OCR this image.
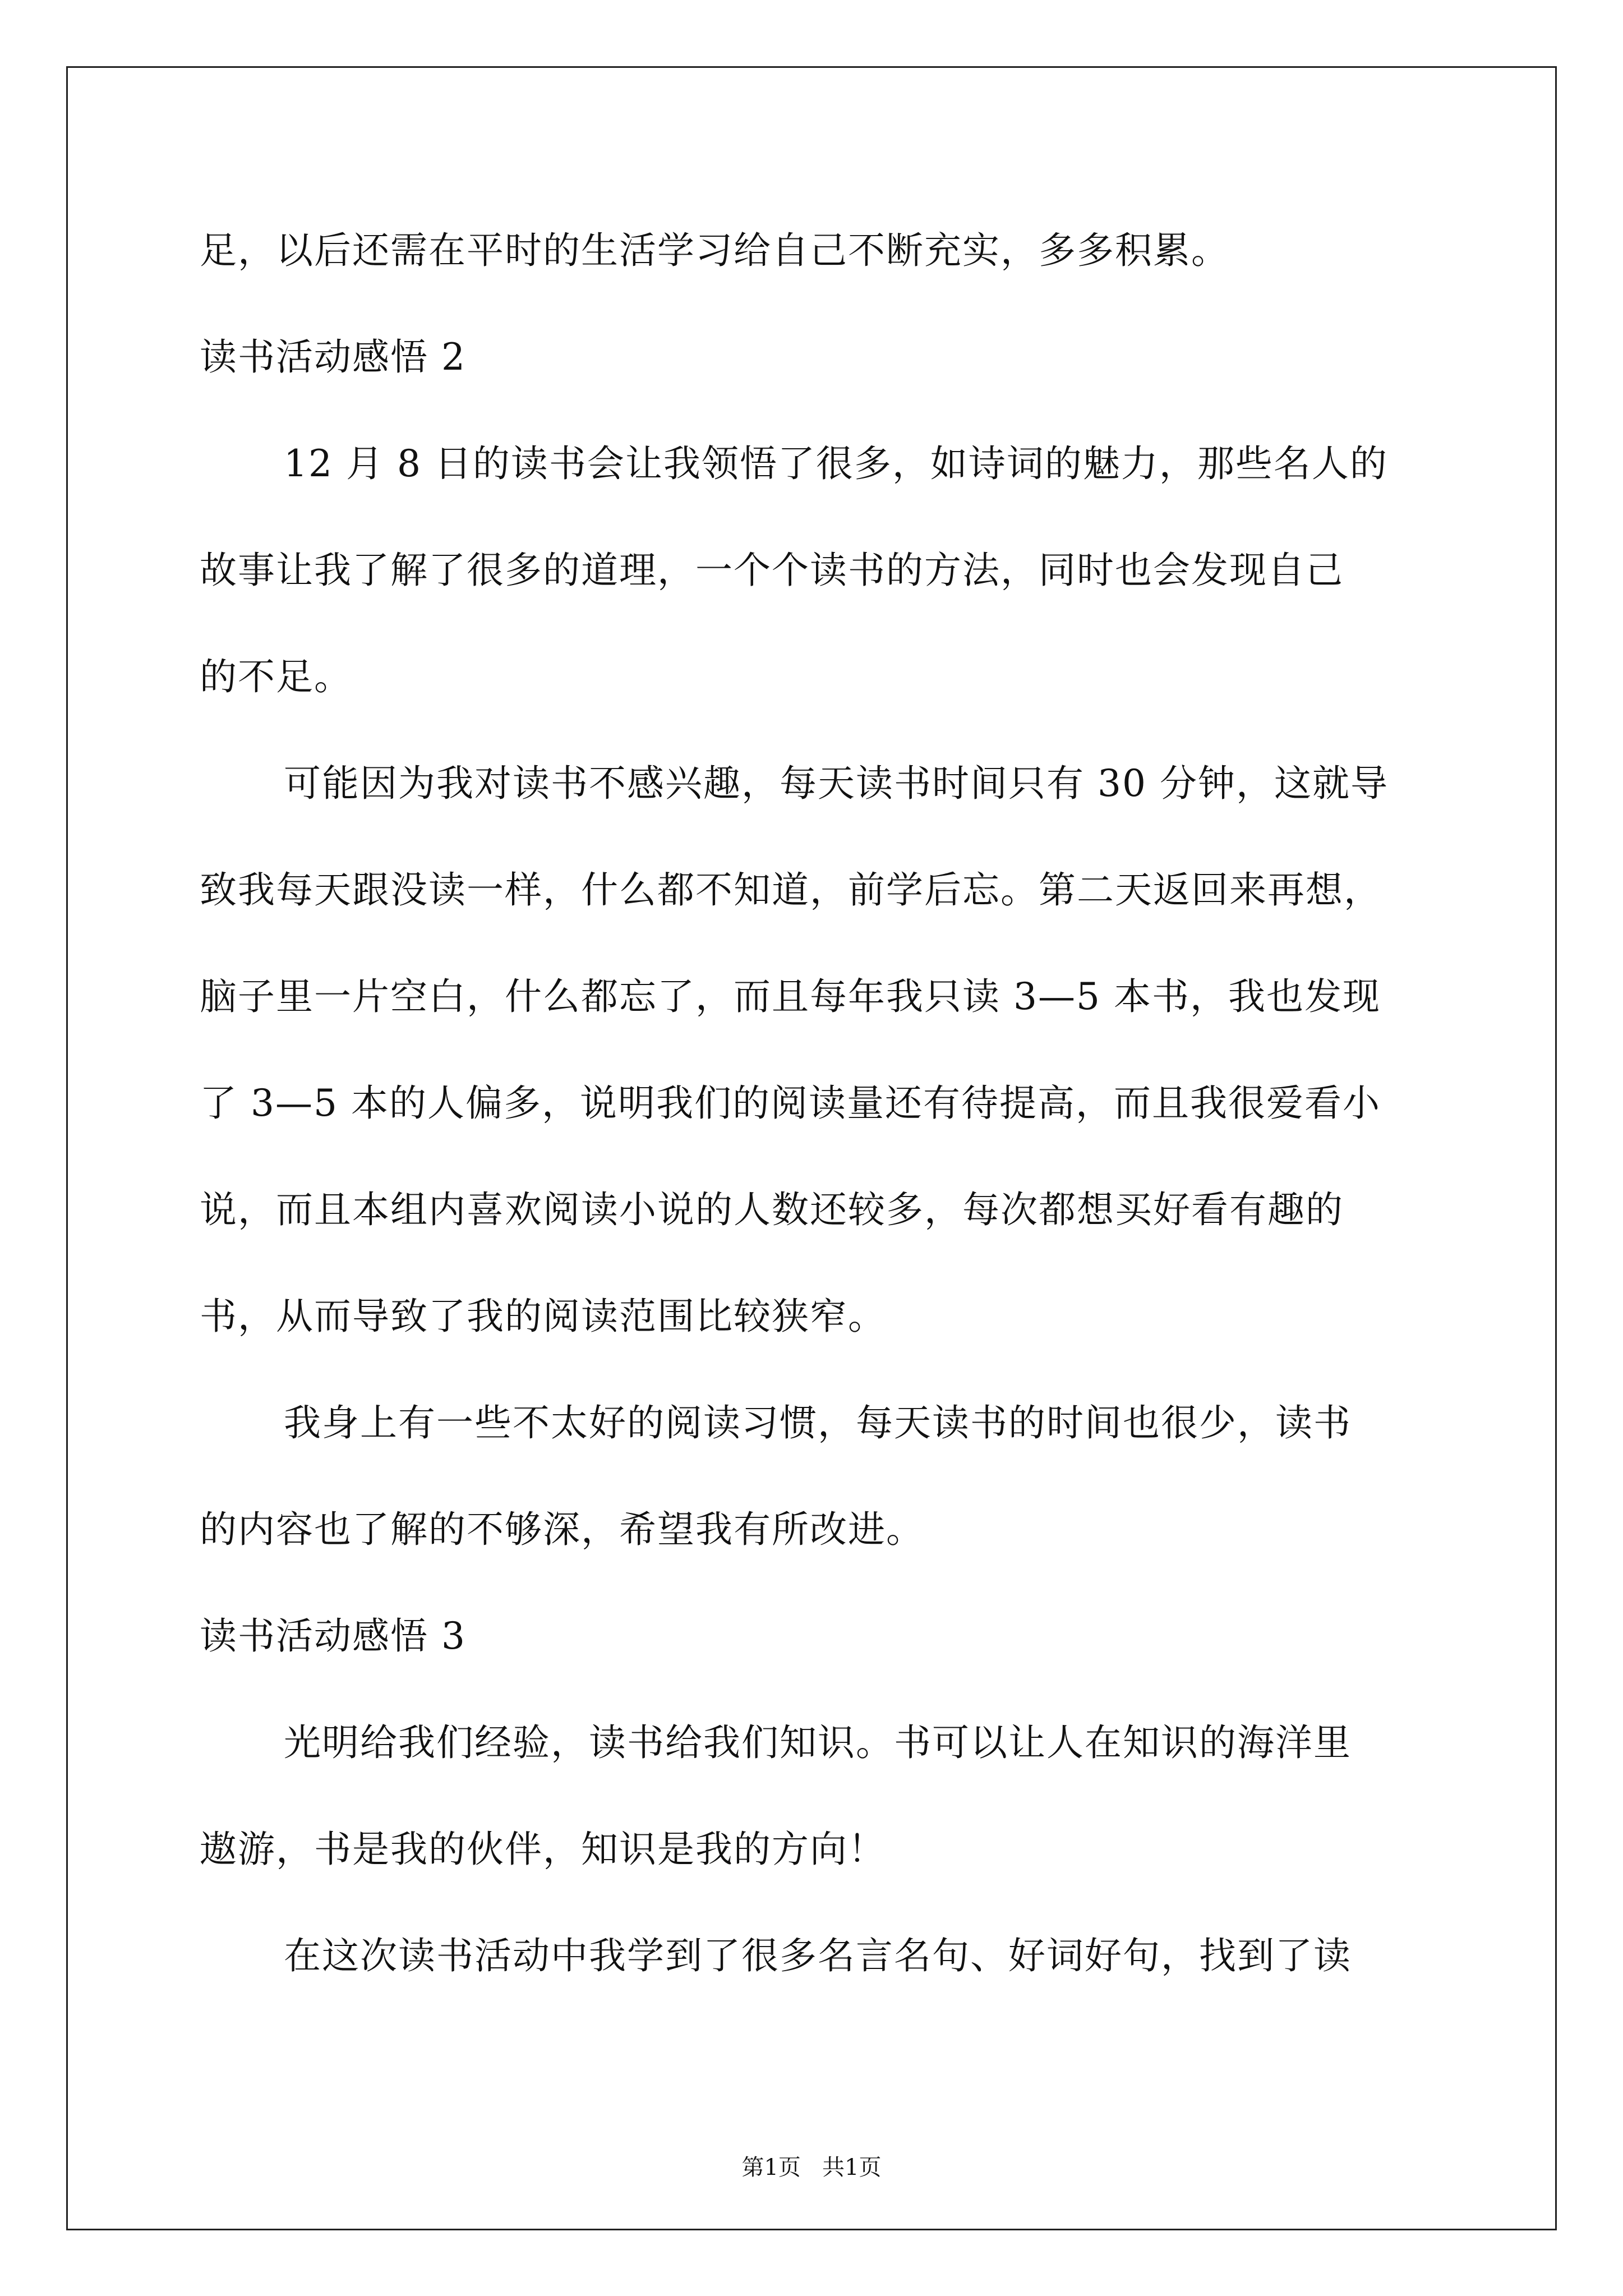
足，以后还需在平时的生活学习给自己不断充实，多多积累。
读书活动感悟 2
12 月 8 日的读书会让我领悟了很多，如诗词的魅力，那些名人的
故事让我了解了很多的道理，一个个读书的方法，同时也会发现自己
的不足。
可能因为我对读书不感兴趣，每天读书时间只有 30 分钟，这就导
致我每天跟没读一样，什么都不知道，前学后忘。第二天返回来再想，
脑子里一片空白，什么都忘了，而且每年我只读 3—5 本书，我也发现
了 3—5 本的人偏多，说明我们的阅读量还有待提高，而且我很爱看小
说，而且本组内喜欢阅读小说的人数还较多，每次都想买好看有趣的
书，从而导致了我的阅读范围比较狭窄。
我身上有一些不太好的阅读习惯，每天读书的时间也很少，读书
的内容也了解的不够深，希望我有所改进。
读书活动感悟 3
光明给我们经验，读书给我们知识。书可以让人在知识的海洋里
遨游，书是我的伙伴，知识是我的方向！
在这次读书活动中我学到了很多名言名句、好词好句，找到了读
第1页   共1页
